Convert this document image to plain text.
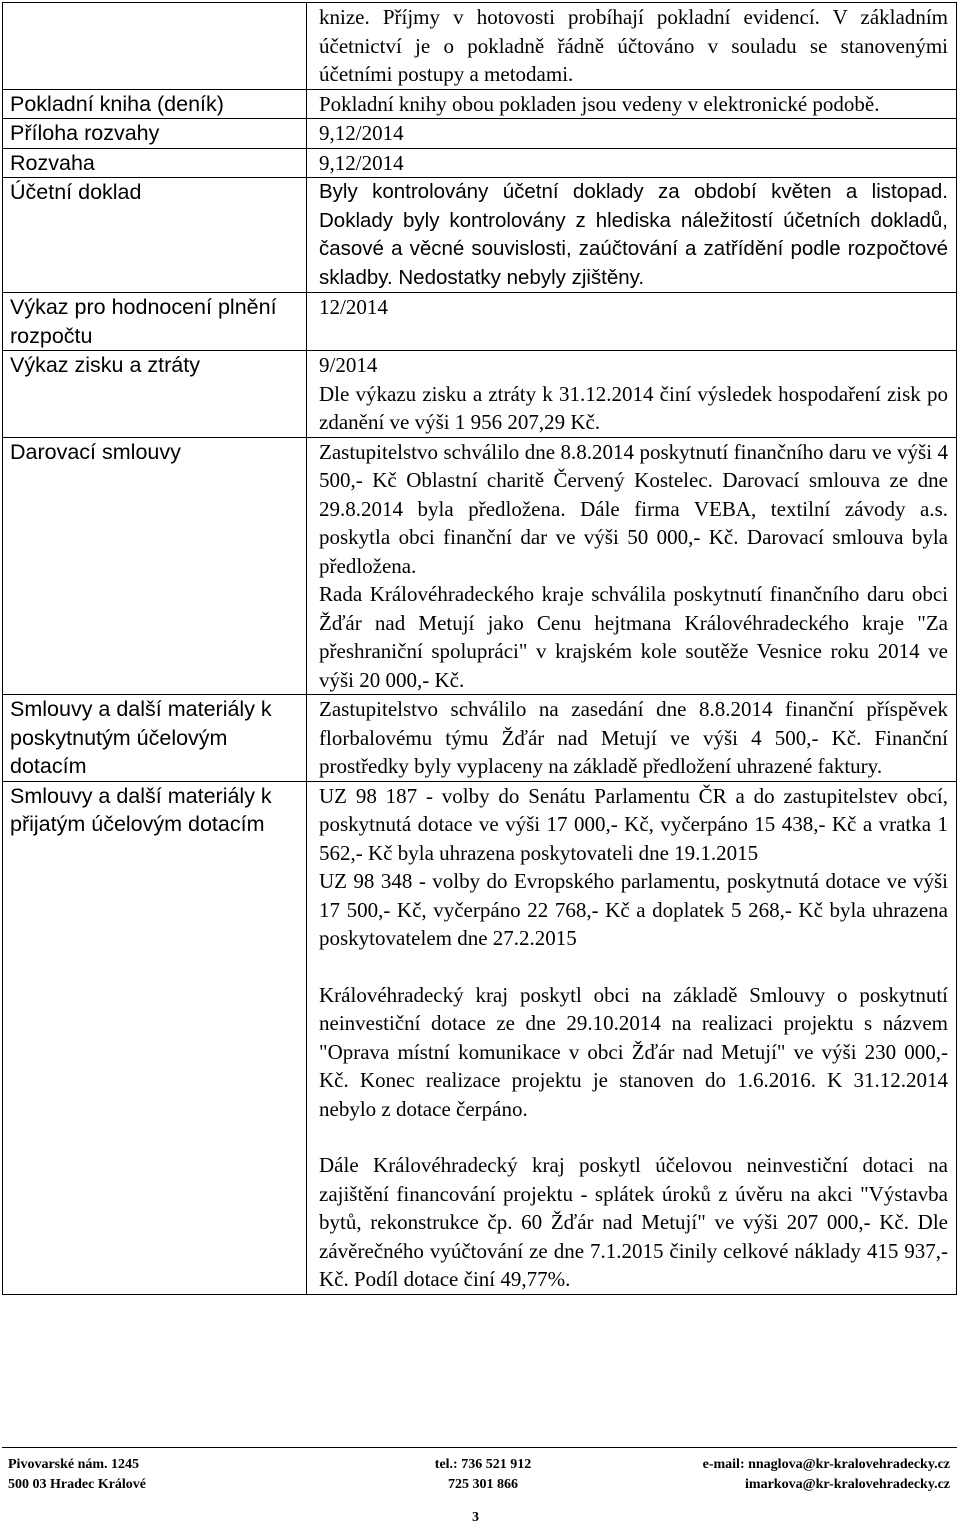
	knize. Příjmy v hotovosti probíhají pokladní evidencí. V základním účetnictví je o pokladně řádně účtováno v souladu se stanovenými účetními postupy a metodami.

Pokladní kniha (deník)	Pokladní knihy obou pokladen jsou vedeny v elektronické podobě.

Příloha rozvahy	9,12/2014

Rozvaha	9,12/2014

Účetní doklad	Byly kontrolovány účetní doklady za období květen a listopad. Doklady byly kontrolovány z hlediska náležitostí účetních dokladů, časové a věcné souvislosti, zaúčtování a zatřídění podle rozpočtové skladby. Nedostatky nebyly zjištěny.

Výkaz pro hodnocení plnění rozpočtu	12/2014

Výkaz zisku a ztráty	9/2014
Dle výkazu zisku a ztráty k 31.12.2014 činí výsledek hospodaření zisk po zdanění ve výši 1 956 207,29 Kč.

Darovací smlouvy	Zastupitelstvo schválilo dne 8.8.2014 poskytnutí finančního daru ve výši 4 500,- Kč Oblastní charitě Červený Kostelec. Darovací smlouva ze dne 29.8.2014 byla předložena. Dále firma VEBA, textilní závody a.s. poskytla obci finanční dar ve výši 50 000,- Kč. Darovací smlouva byla předložena.
Rada Královéhradeckého kraje schválila poskytnutí finančního daru obci Žďár nad Metují jako Cenu hejtmana Královéhradeckého kraje "Za přeshraniční spolupráci" v krajském kole soutěže Vesnice roku 2014 ve výši 20 000,- Kč.

Smlouvy a další materiály k poskytnutým účelovým dotacím	Zastupitelstvo schválilo na zasedání dne 8.8.2014 finanční příspěvek florbalovému týmu Žďár nad Metují ve výši 4 500,- Kč. Finanční prostředky byly vyplaceny na základě předložení uhrazené faktury.

Smlouvy a další materiály k přijatým účelovým dotacím	UZ 98 187 - volby do Senátu Parlamentu ČR a do zastupitelstev obcí, poskytnutá dotace ve výši 17 000,- Kč, vyčerpáno 15 438,- Kč a vratka 1 562,- Kč byla uhrazena poskytovateli dne 19.1.2015
UZ 98 348 - volby do Evropského parlamentu, poskytnutá dotace ve výši 17 500,- Kč, vyčerpáno 22 768,- Kč a doplatek 5 268,- Kč byla uhrazena poskytovatelem dne 27.2.2015
Královéhradecký kraj poskytl obci na základě Smlouvy o poskytnutí neinvestiční dotace ze dne 29.10.2014 na realizaci projektu s názvem "Oprava místní komunikace v obci Žďár nad Metují" ve výši 230 000,- Kč. Konec realizace projektu je stanoven do 1.6.2016. K 31.12.2014 nebylo z dotace čerpáno.
Dále Královéhradecký kraj poskytl účelovou neinvestiční dotaci na zajištění financování projektu - splátek úroků z úvěru na akci "Výstavba bytů, rekonstrukce čp. 60 Žďár nad Metují" ve výši 207 000,- Kč. Dle závěrečného vyúčtování ze dne 7.1.2015 činily celkové náklady 415 937,- Kč. Podíl dotace činí 49,77%.
Pivovarské nám. 1245
500 03 Hradec Králové
tel.: 736 521 912
725 301 866
e-mail: nnaglova@kr-kralovehradecky.cz
imarkova@kr-kralovehradecky.cz
3
